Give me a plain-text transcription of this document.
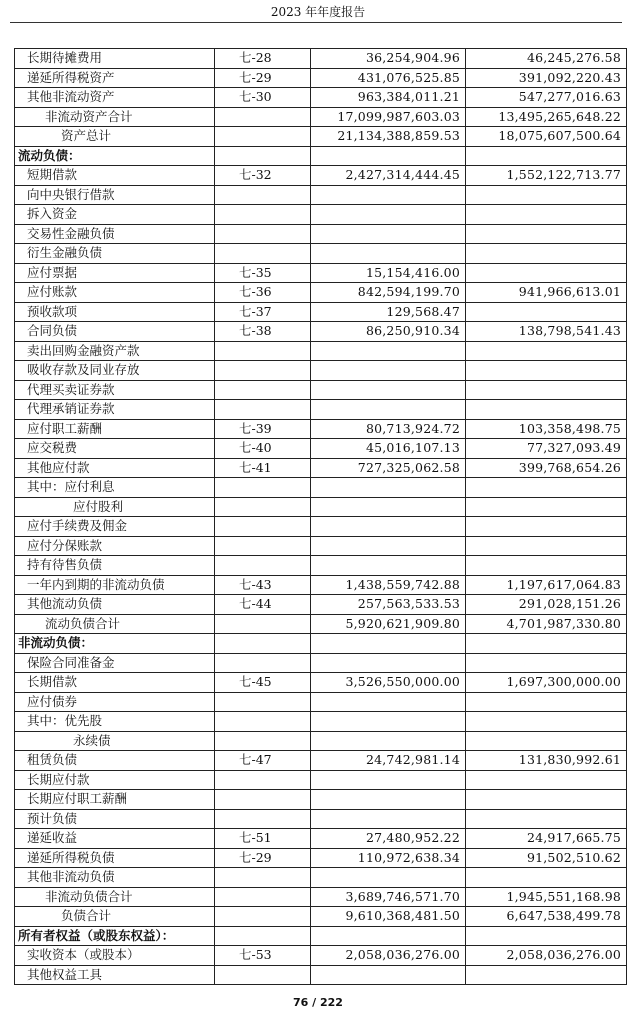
2023 年年度报告
长期待摊费用	七-28	36,254,904.96	46,245,276.58
递延所得税资产	七-29	431,076,525.85	391,092,220.43
其他非流动资产	七-30	963,384,011.21	547,277,016.63
非流动资产合计		17,099,987,603.03	13,495,265,648.22
资产总计		21,134,388,859.53	18,075,607,500.64
流动负债：			
短期借款	七-32	2,427,314,444.45	1,552,122,713.77
向中央银行借款			
拆入资金			
交易性金融负债			
衍生金融负债			
应付票据	七-35	15,154,416.00	
应付账款	七-36	842,594,199.70	941,966,613.01
预收款项	七-37	129,568.47	
合同负债	七-38	86,250,910.34	138,798,541.43
卖出回购金融资产款			
吸收存款及同业存放			
代理买卖证券款			
代理承销证券款			
应付职工薪酬	七-39	80,713,924.72	103,358,498.75
应交税费	七-40	45,016,107.13	77,327,093.49
其他应付款	七-41	727,325,062.58	399,768,654.26
其中：应付利息			
应付股利			
应付手续费及佣金			
应付分保账款			
持有待售负债			
一年内到期的非流动负债	七-43	1,438,559,742.88	1,197,617,064.83
其他流动负债	七-44	257,563,533.53	291,028,151.26
流动负债合计		5,920,621,909.80	4,701,987,330.80
非流动负债：			
保险合同准备金			
长期借款	七-45	3,526,550,000.00	1,697,300,000.00
应付债券			
其中：优先股			
永续债			
租赁负债	七-47	24,742,981.14	131,830,992.61
长期应付款			
长期应付职工薪酬			
预计负债			
递延收益	七-51	27,480,952.22	24,917,665.75
递延所得税负债	七-29	110,972,638.34	91,502,510.62
其他非流动负债			
非流动负债合计		3,689,746,571.70	1,945,551,168.98
负债合计		9,610,368,481.50	6,647,538,499.78
所有者权益（或股东权益）：			
实收资本（或股本）	七-53	2,058,036,276.00	2,058,036,276.00
其他权益工具			
76 / 222
